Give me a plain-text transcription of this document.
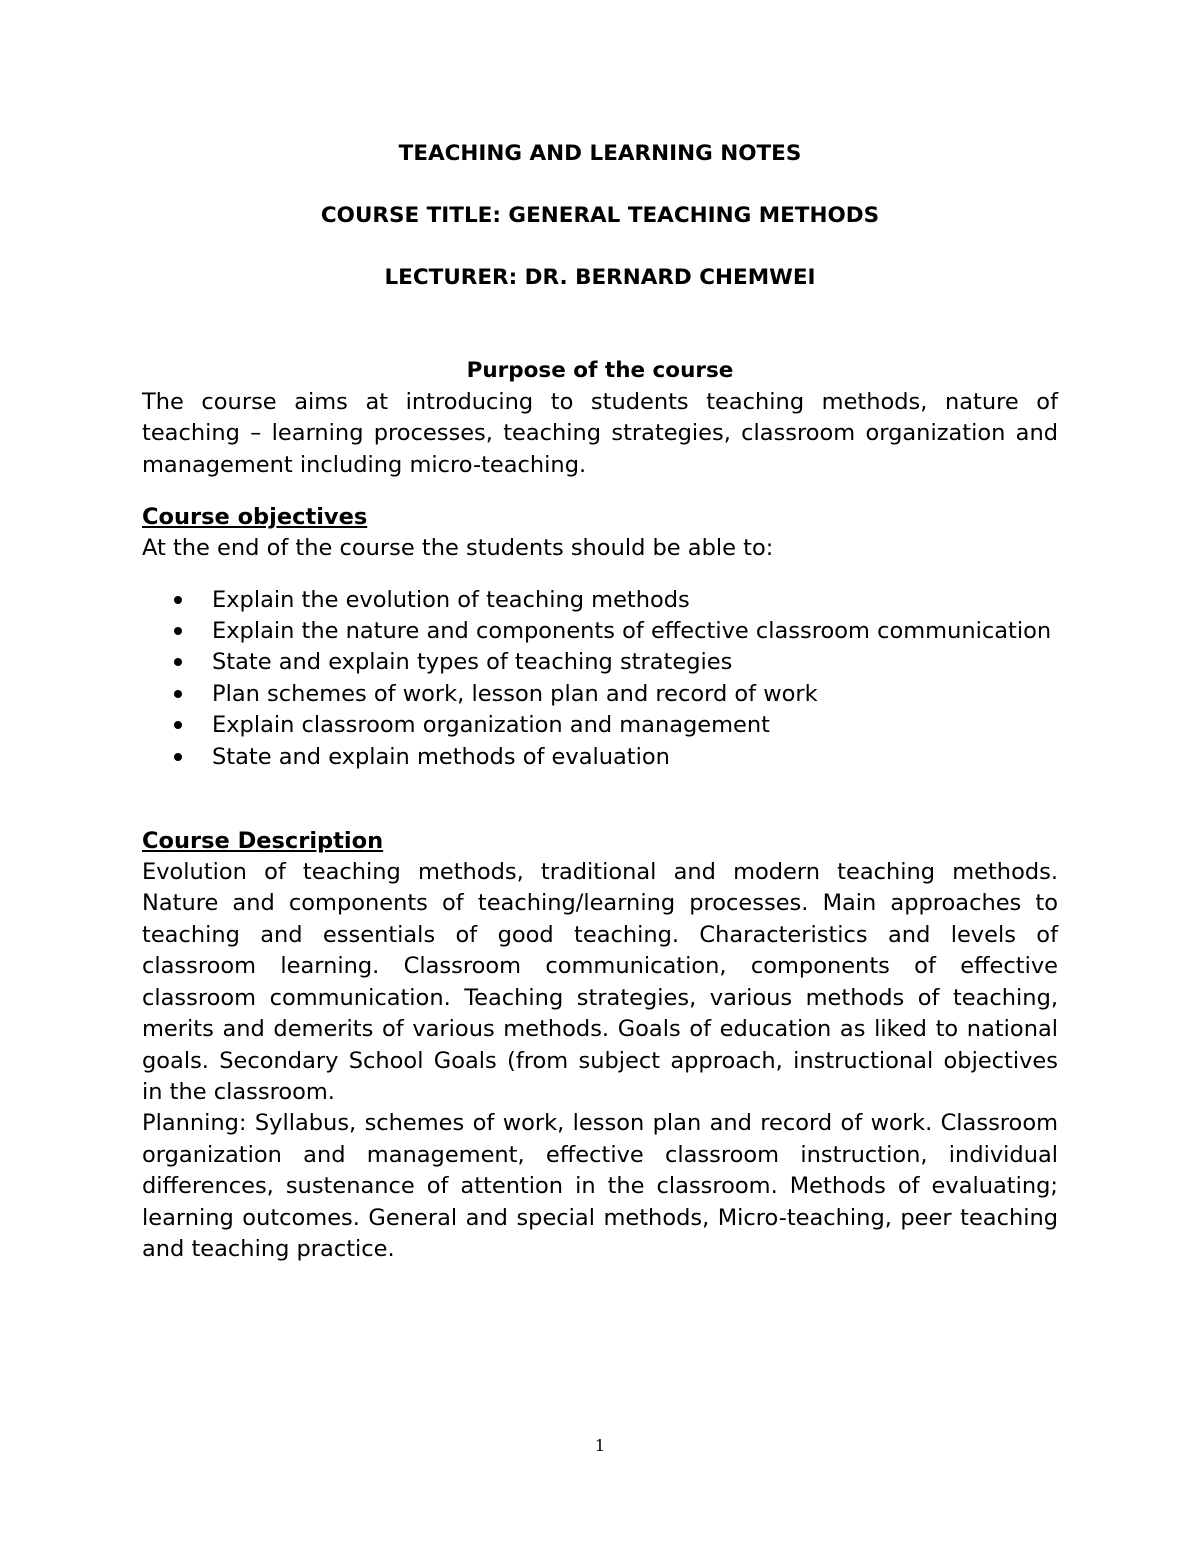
TEACHING AND LEARNING NOTES

COURSE TITLE: GENERAL TEACHING METHODS

LECTURER: DR. BERNARD CHEMWEI

Purpose of the course

The course aims at introducing to students teaching methods, nature of teaching – learning processes, teaching strategies, classroom organization and management including micro-teaching.

Course objectives

At the end of the course the students should be able to:

Explain the evolution of teaching methods
Explain the nature and components of effective classroom communication
State and explain types of teaching strategies
Plan schemes of work, lesson plan and record of work
Explain classroom organization and management
State and explain methods of evaluation

Course Description

Evolution of teaching methods, traditional and modern teaching methods. Nature and components of teaching/learning processes. Main approaches to teaching and essentials of good teaching. Characteristics and levels of classroom learning. Classroom communication, components of effective classroom communication. Teaching strategies, various methods of teaching, merits and demerits of various methods. Goals of education as liked to national goals. Secondary School Goals (from subject approach, instructional objectives in the classroom.

Planning: Syllabus, schemes of work, lesson plan and record of work. Classroom organization and management, effective classroom instruction, individual differences, sustenance of attention in the classroom. Methods of evaluating; learning outcomes. General and special methods, Micro-teaching, peer teaching and teaching practice.

1
